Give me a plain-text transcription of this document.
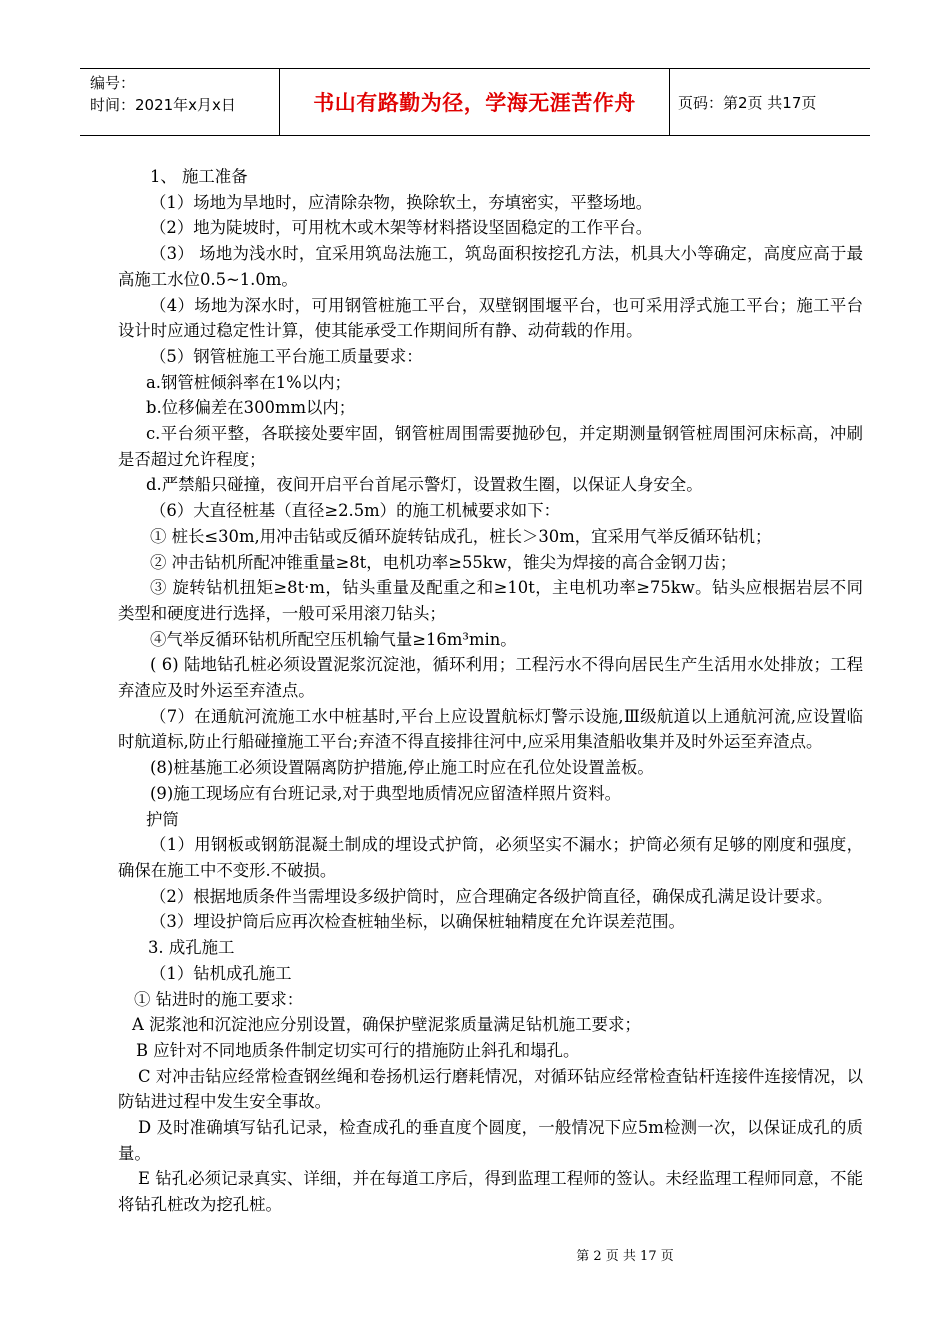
编号：
时间：2021年x月x日	书山有路勤为径，学海无涯苦作舟	页码：第2页 共17页
1、 施工准备
（1）场地为旱地时，应清除杂物，换除软土，夯填密实，平整场地。
（2）地为陡坡时，可用枕木或木架等材料搭设坚固稳定的工作平台。
（3） 场地为浅水时，宜采用筑岛法施工，筑岛面积按挖孔方法，机具大小等确定，高度应高于最高施工水位0.5~1.0m。
（4）场地为深水时，可用钢管桩施工平台，双壁钢围堰平台，也可采用浮式施工平台；施工平台设计时应通过稳定性计算，使其能承受工作期间所有静、动荷载的作用。
（5）钢管桩施工平台施工质量要求：
a.钢管桩倾斜率在1%以内；
b.位移偏差在300mm以内；
c.平台须平整，各联接处要牢固，钢管桩周围需要抛砂包，并定期测量钢管桩周围河床标高，冲刷是否超过允许程度；
d.严禁船只碰撞，夜间开启平台首尾示警灯，设置救生圈，以保证人身安全。
（6）大直径桩基（直径≥2.5m）的施工机械要求如下：
① 桩长≤30m,用冲击钻或反循环旋转钻成孔，桩长＞30m，宜采用气举反循环钻机；
② 冲击钻机所配冲锥重量≥8t，电机功率≥55kw，锥尖为焊接的高合金钢刀齿；
③ 旋转钻机扭矩≥8t·m，钻头重量及配重之和≥10t，主电机功率≥75kw。钻头应根据岩层不同类型和硬度进行选择，一般可采用滚刀钻头；
④气举反循环钻机所配空压机输气量≥16m³min。
( 6) 陆地钻孔桩必须设置泥浆沉淀池，循环利用；工程污水不得向居民生产生活用水处排放；工程弃渣应及时外运至弃渣点。
（7）在通航河流施工水中桩基时,平台上应设置航标灯警示设施,Ⅲ级航道以上通航河流,应设置临时航道标,防止行船碰撞施工平台;弃渣不得直接排往河中,应采用集渣船收集并及时外运至弃渣点。
(8)桩基施工必须设置隔离防护措施,停止施工时应在孔位处设置盖板。
(9)施工现场应有台班记录,对于典型地质情况应留渣样照片资料。
护筒
（1）用钢板或钢筋混凝土制成的埋设式护筒，必须坚实不漏水；护筒必须有足够的刚度和强度，确保在施工中不变形.不破损。
（2）根据地质条件当需埋设多级护筒时，应合理确定各级护筒直径，确保成孔满足设计要求。
（3）埋设护筒后应再次检查桩轴坐标，以确保桩轴精度在允许误差范围。
3. 成孔施工
（1）钻机成孔施工
① 钻进时的施工要求：
A 泥浆池和沉淀池应分别设置，确保护壁泥浆质量满足钻机施工要求；
B 应针对不同地质条件制定切实可行的措施防止斜孔和塌孔。
C 对冲击钻应经常检查钢丝绳和卷扬机运行磨耗情况，对循环钻应经常检查钻杆连接件连接情况，以防钻进过程中发生安全事故。
D 及时准确填写钻孔记录，检查成孔的垂直度个圆度，一般情况下应5m检测一次，以保证成孔的质量。
E 钻孔必须记录真实、详细，并在每道工序后，得到监理工程师的签认。未经监理工程师同意，不能将钻孔桩改为挖孔桩。
第 2 页 共 17 页
